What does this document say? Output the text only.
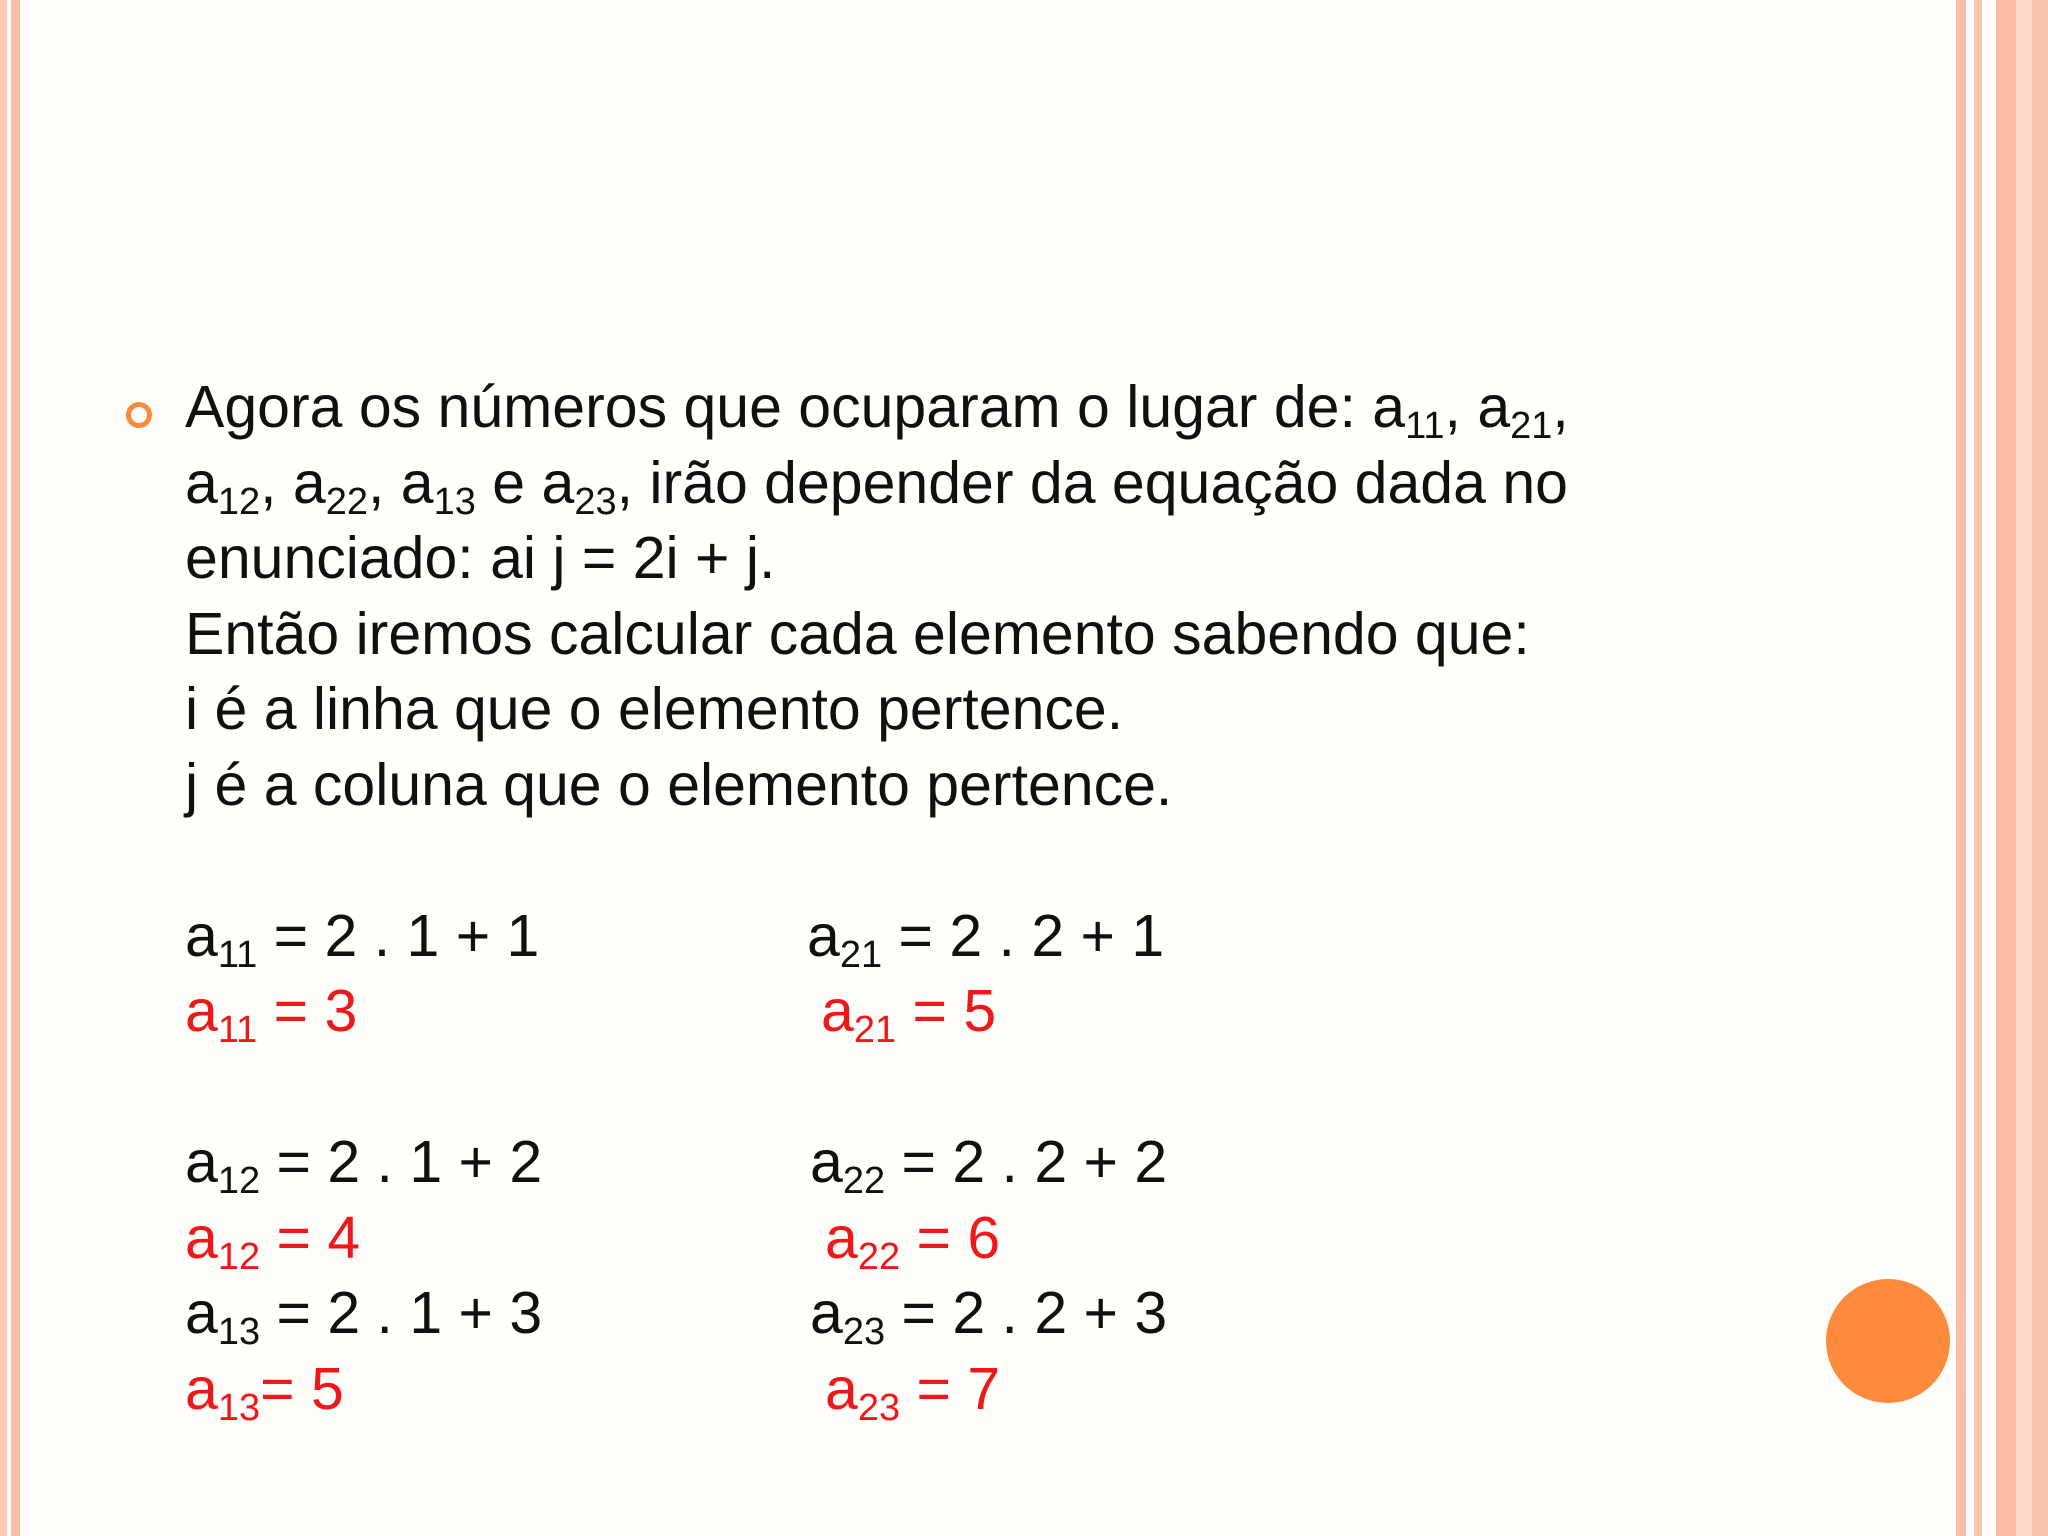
Agora os números que ocuparam o lugar de: $a_{11}$, $a_{21}$,
$a_{12}$, $a_{22}$, $a_{13}$ e $a_{23}$, irão depender da equação dada no
enunciado: ai j = 2i + j.
Então iremos calcular cada elemento sabendo que:
i é a linha que o elemento pertence.
j é a coluna que o elemento pertence.
$a_{11} = 2$ . 1 + 1	$a_{21} = 2$ . 2 + 1
$a_{11} = 3$	$a_{21} = 5$
$a_{12} = 2$ . 1 + 2	$a_{22} = 2$ . 2 + 2
$a_{12} = 4$	$a_{22} = 6$
$a_{13} = 2$ . 1 + 3	$a_{23} = 2$ . 2 + 3
$a_{13}= 5$	$a_{23} = 7$
